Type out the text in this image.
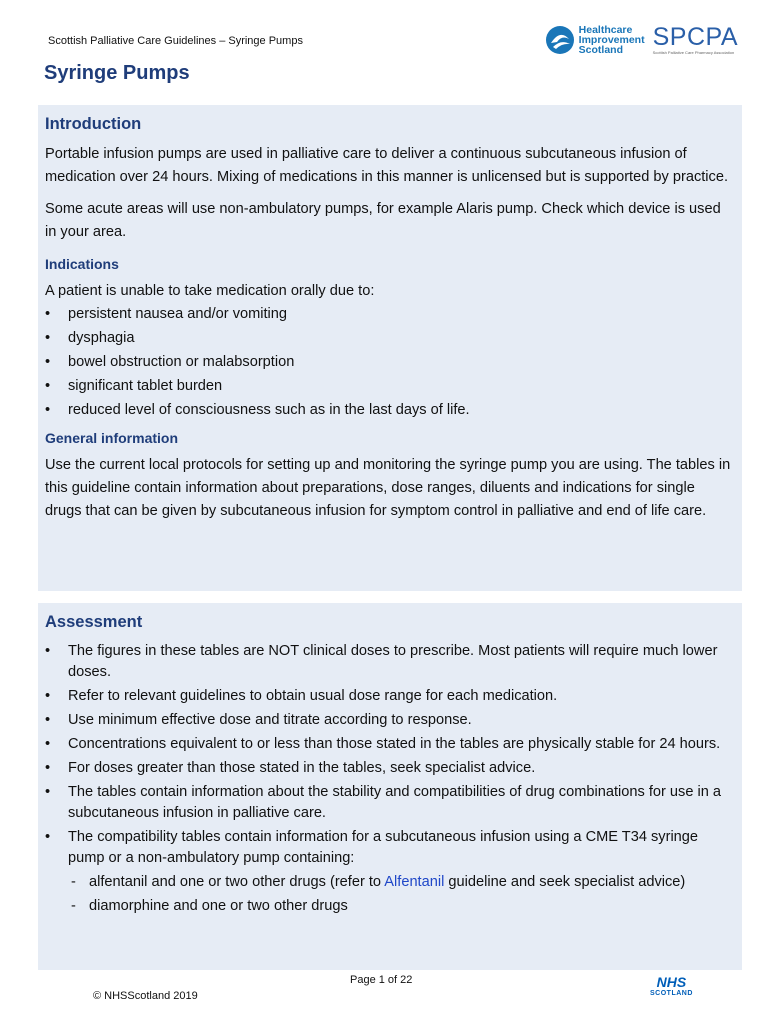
Scottish Palliative Care Guidelines – Syringe Pumps
Healthcare
Improvement
Scotland	SPCPA
Scottish Palliative Care Pharmacy Association
Syringe Pumps
Introduction

Portable infusion pumps are used in palliative care to deliver a continuous subcutaneous infusion of medication over 24 hours. Mixing of medications in this manner is unlicensed but is supported by practice.

Some acute areas will use non-ambulatory pumps, for example Alaris pump. Check which device is used in your area.

Indications

A patient is unable to take medication orally due to:

• persistent nausea and/or vomiting
• dysphagia
• bowel obstruction or malabsorption
• significant tablet burden
• reduced level of consciousness such as in the last days of life.
General information

Use the current local protocols for setting up and monitoring the syringe pump you are using. The tables in this guideline contain information about preparations, dose ranges, diluents and indications for single drugs that can be given by subcutaneous infusion for symptom control in palliative and end of life care.

Assessment
• The figures in these tables are NOT clinical doses to prescribe. Most patients will require much lower doses.
• Refer to relevant guidelines to obtain usual dose range for each medication.
• Use minimum effective dose and titrate according to response.
• Concentrations equivalent to or less than those stated in the tables are physically stable for 24 hours.
• For doses greater than those stated in the tables, seek specialist advice.
• The tables contain information about the stability and compatibilities of drug combinations for use in a subcutaneous infusion in palliative care.
• The compatibility tables contain information for a subcutaneous infusion using a CME T34 syringe pump or a non-ambulatory pump containing:
- alfentanil and one or two other drugs (refer to Alfentanil guideline and seek specialist advice)
- diamorphine and one or two other drugs
Page 1 of 22
© NHSScotland 2019
NHS
SCOTLAND
